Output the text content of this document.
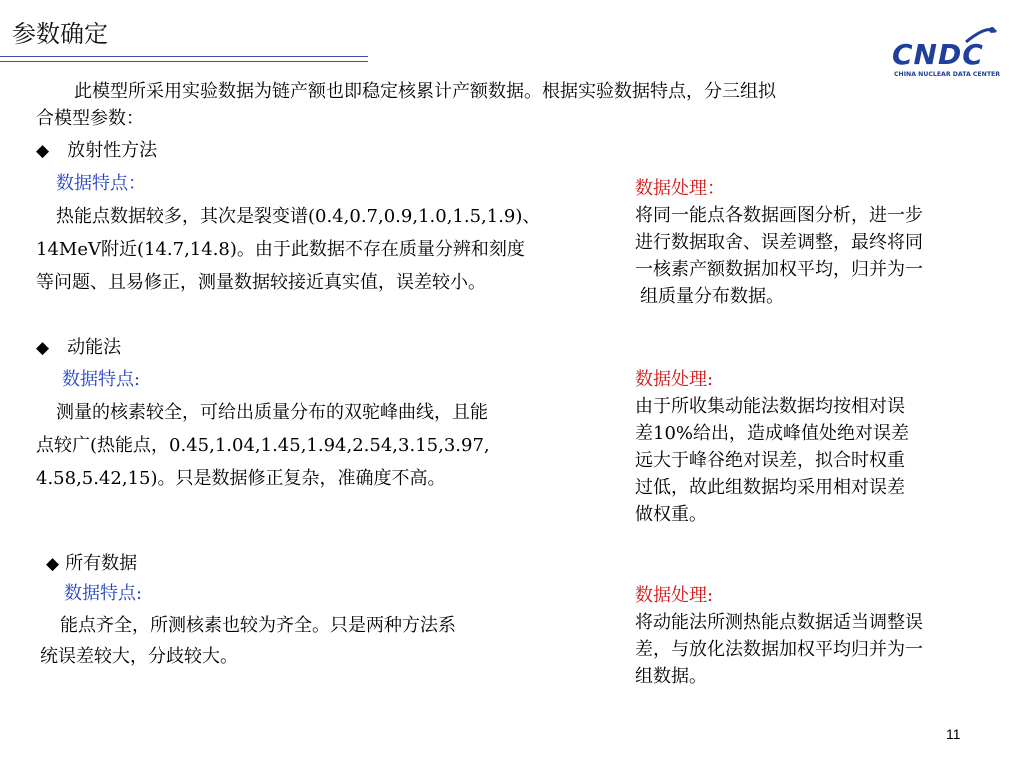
参数确定
CNDC
CHINA NUCLEAR DATA CENTER
此模型所采用实验数据为链产额也即稳定核累计产额数据。根据实验数据特点，分三组拟
合模型参数：
◆ 放射性方法
数据特点：
热能点数据较多，其次是裂变谱(0.4,0.7,0.9,1.0,1.5,1.9)、
14MeV附近(14.7,14.8)。由于此数据不存在质量分辨和刻度
等问题、且易修正，测量数据较接近真实值，误差较小。
数据处理：
将同一能点各数据画图分析，进一步
进行数据取舍、误差调整，最终将同
一核素产额数据加权平均，归并为一
组质量分布数据。
◆ 动能法
数据特点:
测量的核素较全，可给出质量分布的双驼峰曲线，且能
点较广(热能点，0.45,1.04,1.45,1.94,2.54,3.15,3.97,
4.58,5.42,15)。只是数据修正复杂，准确度不高。
数据处理:
由于所收集动能法数据均按相对误
差10%给出，造成峰值处绝对误差
远大于峰谷绝对误差，拟合时权重
过低，故此组数据均采用相对误差
做权重。
◆ 所有数据
数据特点:
能点齐全，所测核素也较为齐全。只是两种方法系
统误差较大，分歧较大。
数据处理:
将动能法所测热能点数据适当调整误
差，与放化法数据加权平均归并为一
组数据。
11
